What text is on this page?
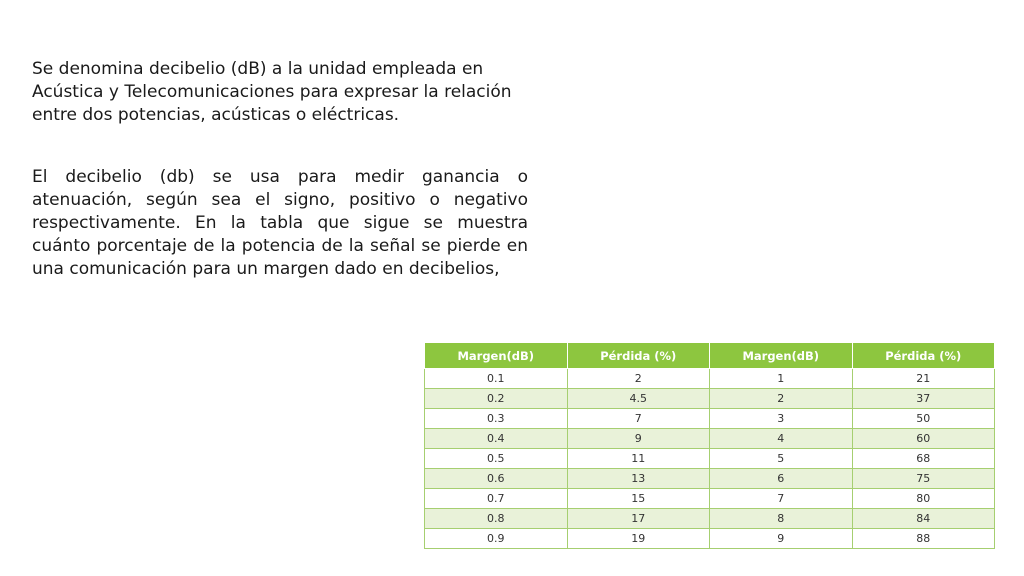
Se denomina decibelio (dB) a la unidad empleada en Acústica y Telecomunicaciones para expresar la relación entre dos potencias, acústicas o eléctricas.

El decibelio (db) se usa para medir ganancia o atenuación, según sea el signo, positivo o negativo respectivamente. En la tabla que sigue se muestra cuánto porcentaje de la potencia de la señal se pierde en una comunicación para un margen dado en decibelios,

Margen(dB)	Pérdida (%)	Margen(dB)	Pérdida (%)
0.1	2	1	21
0.2	4.5	2	37
0.3	7	3	50
0.4	9	4	60
0.5	11	5	68
0.6	13	6	75
0.7	15	7	80
0.8	17	8	84
0.9	19	9	88
